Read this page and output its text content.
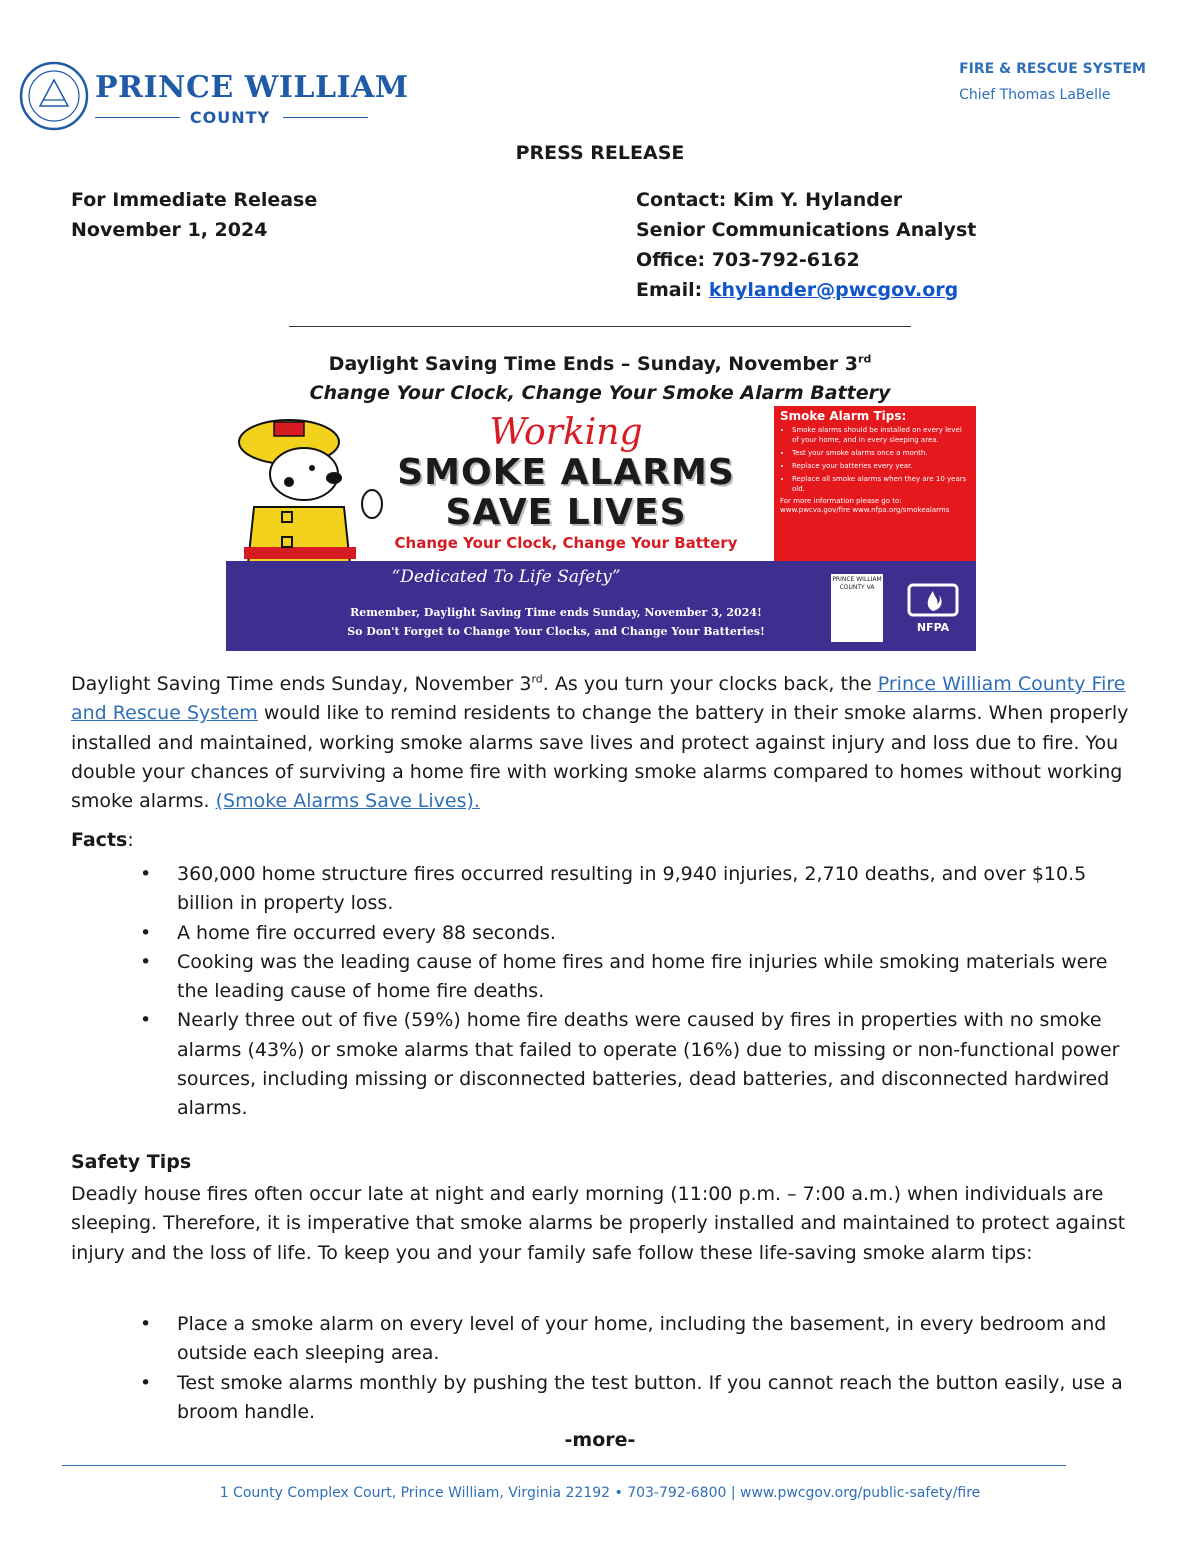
PRINCE WILLIAM
COUNTY
FIRE & RESCUE SYSTEM
Chief Thomas LaBelle
PRESS RELEASE
For Immediate Release
November 1, 2024
Contact: Kim Y. Hylander
Senior Communications Analyst
Office: 703-792-6162
Email: khylander@pwcgov.org
Daylight Saving Time Ends – Sunday, November 3rd
Change Your Clock, Change Your Smoke Alarm Battery
Working
SMOKE ALARMS
SAVE LIVES
Change Your Clock, Change Your Battery
Smoke Alarm Tips:
• Smoke alarms should be installed on every level of your home, and in every sleeping area.
• Test your smoke alarms once a month.
• Replace your batteries every year.
• Replace all smoke alarms when they are 10 years old.
For more information please go to: www.pwcva.gov/fire www.nfpa.org/smokealarms
“Dedicated To Life Safety”
Remember, Daylight Saving Time ends Sunday, November 3, 2024!
So Don't Forget to Change Your Clocks, and Change Your Batteries!
PRINCE WILLIAM COUNTY VA
NFPA
Daylight Saving Time ends Sunday, November 3rd. As you turn your clocks back, the Prince William County Fire and Rescue System would like to remind residents to change the battery in their smoke alarms. When properly installed and maintained, working smoke alarms save lives and protect against injury and loss due to fire. You double your chances of surviving a home fire with working smoke alarms compared to homes without working smoke alarms. (Smoke Alarms Save Lives).
Facts:
• 360,000 home structure fires occurred resulting in 9,940 injuries, 2,710 deaths, and over $10.5 billion in property loss.
• A home fire occurred every 88 seconds.
• Cooking was the leading cause of home fires and home fire injuries while smoking materials were the leading cause of home fire deaths.
• Nearly three out of five (59%) home fire deaths were caused by fires in properties with no smoke alarms (43%) or smoke alarms that failed to operate (16%) due to missing or non-functional power sources, including missing or disconnected batteries, dead batteries, and disconnected hardwired alarms.
Safety Tips
Deadly house fires often occur late at night and early morning (11:00 p.m. – 7:00 a.m.) when individuals are sleeping. Therefore, it is imperative that smoke alarms be properly installed and maintained to protect against injury and the loss of life. To keep you and your family safe follow these life-saving smoke alarm tips:
• Place a smoke alarm on every level of your home, including the basement, in every bedroom and outside each sleeping area.
• Test smoke alarms monthly by pushing the test button. If you cannot reach the button easily, use a broom handle.
-more-
1 County Complex Court, Prince William, Virginia 22192 • 703-792-6800 | www.pwcgov.org/public-safety/fire
